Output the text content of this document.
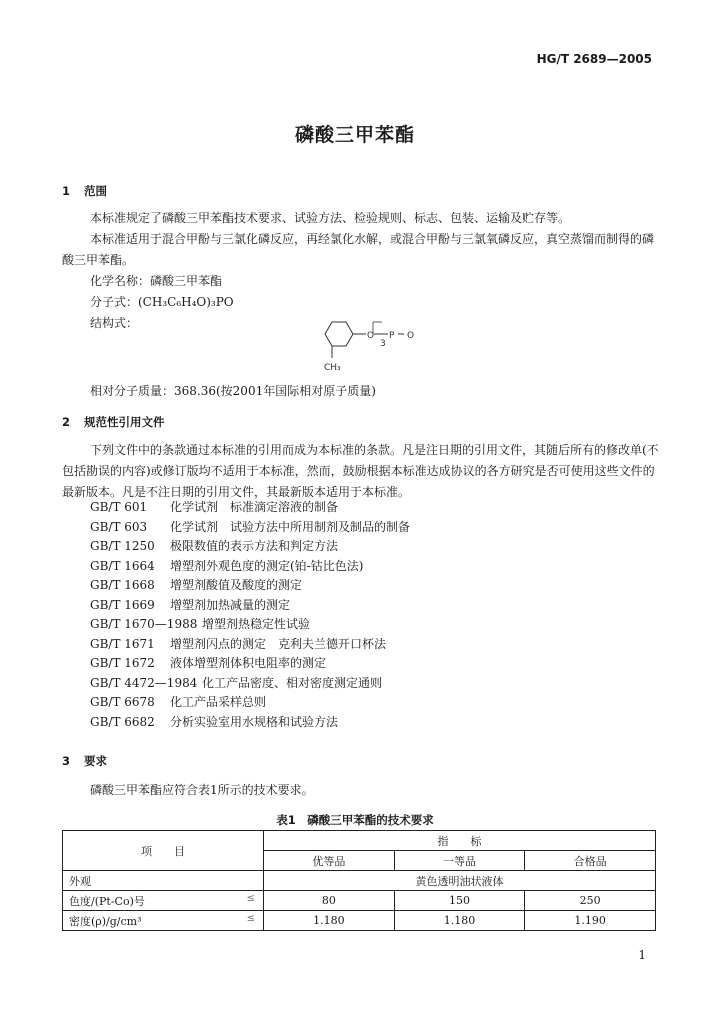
HG/T 2689—2005
磷酸三甲苯酯
1 范围
本标准规定了磷酸三甲苯酯技术要求、试验方法、检验规则、标志、包装、运输及贮存等。
本标准适用于混合甲酚与三氯化磷反应，再经氯化水解，或混合甲酚与三氯氧磷反应，真空蒸馏而制得的磷酸三甲苯酯。
化学名称：磷酸三甲苯酯
分子式：(CH₃C₆H₄O)₃PO
结构式：
O
3
P O
CH₃
相对分子质量：368.36(按2001年国际相对原子质量)
2 规范性引用文件
下列文件中的条款通过本标准的引用而成为本标准的条款。凡是注日期的引用文件，其随后所有的修改单(不包括勘误的内容)或修订版均不适用于本标准，然而，鼓励根据本标准达成协议的各方研究是否可使用这些文件的最新版本。凡是不注日期的引用文件，其最新版本适用于本标准。
GB/T 601 化学试剂　标准滴定溶液的制备
GB/T 603 化学试剂　试验方法中所用制剂及制品的制备
GB/T 1250 极限数值的表示方法和判定方法
GB/T 1664 增塑剂外观色度的测定(铂-钴比色法)
GB/T 1668 增塑剂酸值及酸度的测定
GB/T 1669 增塑剂加热减量的测定
GB/T 1670—1988 增塑剂热稳定性试验
GB/T 1671 增塑剂闪点的测定　克利夫兰德开口杯法
GB/T 1672 液体增塑剂体积电阻率的测定
GB/T 4472—1984 化工产品密度、相对密度测定通则
GB/T 6678 化工产品采样总则
GB/T 6682 分析实验室用水规格和试验方法
3 要求
磷酸三甲苯酯应符合表1所示的技术要求。
表1　磷酸三甲苯酯的技术要求
项　　目	指　　标		
	优等品	一等品	合格品
外观	黄色透明油状液体		
色度/(Pt-Co)号 ≤	80	150	250
密度(ρ)/g/cm³ ≤	1.180	1.180	1.190
1
